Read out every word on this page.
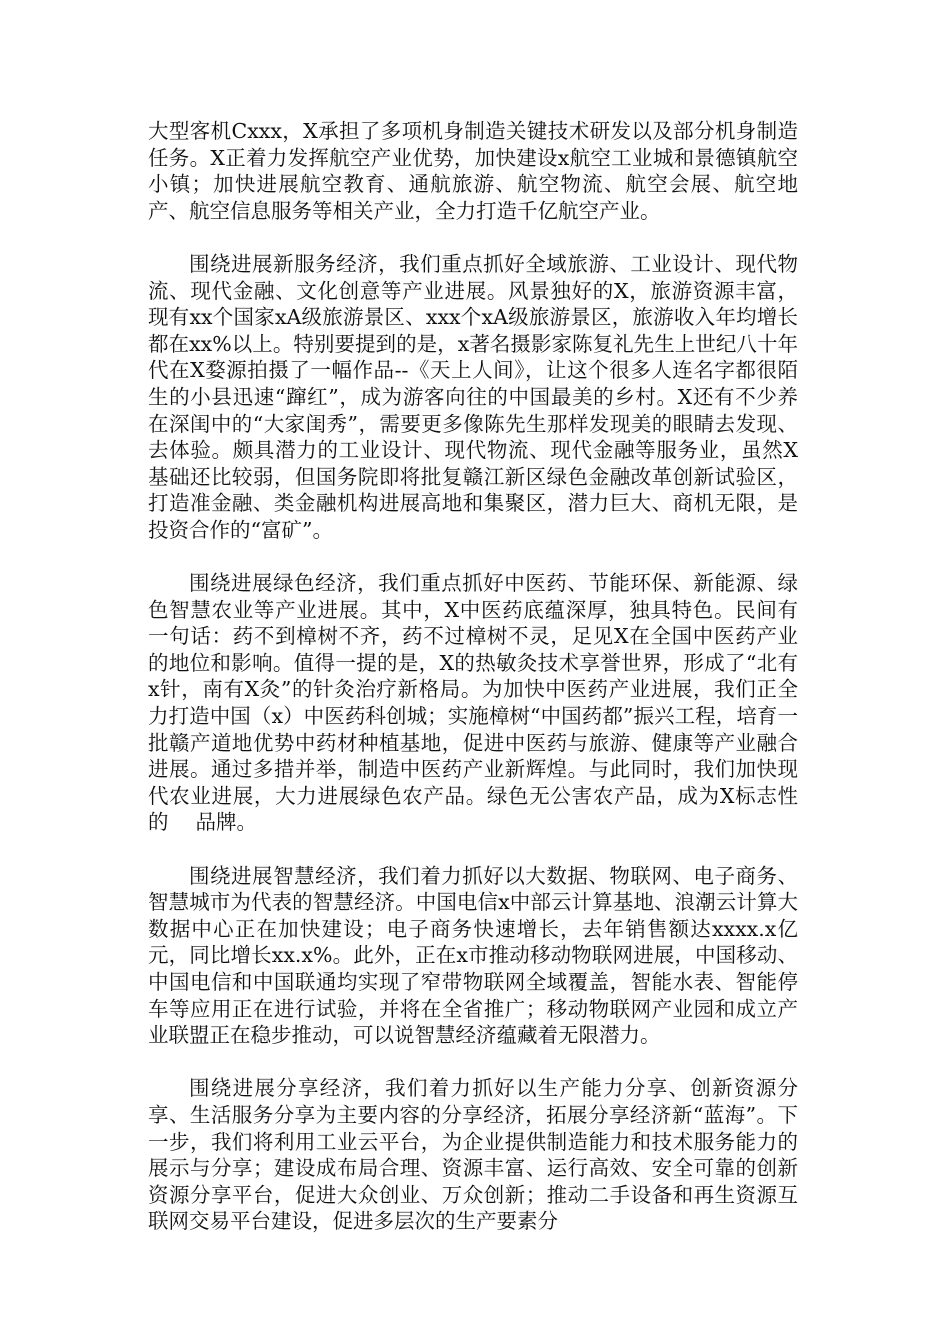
大型客机Cxxx，X承担了多项机身制造关键技术研发以及部分机身制造任务。X正着力发挥航空产业优势，加快建设x航空工业城和景德镇航空小镇；加快进展航空教育、通航旅游、航空物流、航空会展、航空地产、航空信息服务等相关产业，全力打造千亿航空产业。

围绕进展新服务经济，我们重点抓好全域旅游、工业设计、现代物流、现代金融、文化创意等产业进展。风景独好的X，旅游资源丰富，现有xx个国家xA级旅游景区、xxx个xA级旅游景区，旅游收入年均增长都在xx%以上。特别要提到的是，x著名摄影家陈复礼先生上世纪八十年代在X婺源拍摄了一幅作品--《天上人间》，让这个很多人连名字都很陌生的小县迅速“蹿红”，成为游客向往的中国最美的乡村。X还有不少养在深闺中的“大家闺秀”，需要更多像陈先生那样发现美的眼睛去发现、去体验。颇具潜力的工业设计、现代物流、现代金融等服务业，虽然X基础还比较弱，但国务院即将批复赣江新区绿色金融改革创新试验区，打造准金融、类金融机构进展高地和集聚区，潜力巨大、商机无限，是投资合作的“富矿”。

围绕进展绿色经济，我们重点抓好中医药、节能环保、新能源、绿色智慧农业等产业进展。其中，X中医药底蕴深厚，独具特色。民间有一句话：药不到樟树不齐，药不过樟树不灵，足见X在全国中医药产业的地位和影响。值得一提的是，X的热敏灸技术享誉世界，形成了“北有x针，南有X灸”的针灸治疗新格局。为加快中医药产业进展，我们正全力打造中国（x）中医药科创城；实施樟树“中国药都”振兴工程，培育一批赣产道地优势中药材种植基地，促进中医药与旅游、健康等产业融合进展。通过多措并举，制造中医药产业新辉煌。与此同时，我们加快现代农业进展，大力进展绿色农产品。绿色无公害农产品，成为X标志性的　 品牌。

围绕进展智慧经济，我们着力抓好以大数据、物联网、电子商务、智慧城市为代表的智慧经济。中国电信x中部云计算基地、浪潮云计算大数据中心正在加快建设；电子商务快速增长，去年销售额达xxxx.x亿元，同比增长xx.x%。此外，正在x市推动移动物联网进展，中国移动、中国电信和中国联通均实现了窄带物联网全域覆盖，智能水表、智能停车等应用正在进行试验，并将在全省推广；移动物联网产业园和成立产业联盟正在稳步推动，可以说智慧经济蕴藏着无限潜力。

围绕进展分享经济，我们着力抓好以生产能力分享、创新资源分享、生活服务分享为主要内容的分享经济，拓展分享经济新“蓝海”。下一步，我们将利用工业云平台，为企业提供制造能力和技术服务能力的展示与分享；建设成布局合理、资源丰富、运行高效、安全可靠的创新资源分享平台，促进大众创业、万众创新；推动二手设备和再生资源互联网交易平台建设，促进多层次的生产要素分
